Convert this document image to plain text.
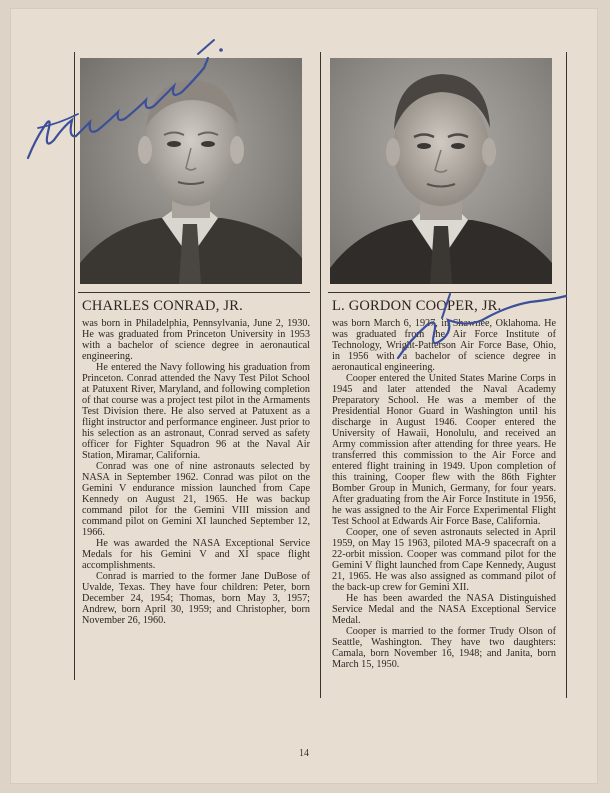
CHARLES CONRAD, JR.

was born in Philadelphia, Pennsylvania, June 2, 1930. He was graduated from Princeton University in 1953 with a bachelor of science degree in aeronautical engineering.

He entered the Navy following his graduation from Princeton. Conrad attended the Navy Test Pilot School at Patuxent River, Maryland, and following completion of that course was a project test pilot in the Armaments Test Division there. He also served at Patuxent as a flight instructor and performance engineer. Just prior to his selection as an astronaut, Conrad served as safety officer for Fighter Squadron 96 at the Naval Air Station, Miramar, California.

Conrad was one of nine astronauts selected by NASA in September 1962. Conrad was pilot on the Gemini V endurance mission launched from Cape Kennedy on August 21, 1965. He was backup command pilot for the Gemini VIII mission and command pilot on Gemini XI launched September 12, 1966.

He was awarded the NASA Exceptional Service Medals for his Gemini V and XI space flight accomplishments.

Conrad is married to the former Jane DuBose of Uvalde, Texas. They have four children: Peter, born December 24, 1954; Thomas, born May 3, 1957; Andrew, born April 30, 1959; and Christopher, born November 26, 1960.

L. GORDON COOPER, JR.

was born March 6, 1927, in Shawnee, Oklahoma. He was graduated from the Air Force Institute of Technology, Wright-Patterson Air Force Base, Ohio, in 1956 with a bachelor of science degree in aeronautical engineering.

Cooper entered the United States Marine Corps in 1945 and later attended the Naval Academy Preparatory School. He was a member of the Presidential Honor Guard in Washington until his discharge in August 1946. Cooper entered the University of Hawaii, Honolulu, and received an Army commission after attending for three years. He transferred this commission to the Air Force and entered flight training in 1949. Upon completion of this training, Cooper flew with the 86th Fighter Bomber Group in Munich, Germany, for four years. After graduating from the Air Force Institute in 1956, he was assigned to the Air Force Experimental Flight Test School at Edwards Air Force Base, California.

Cooper, one of seven astronauts selected in April 1959, on May 15 1963, piloted MA-9 spacecraft on a 22-orbit mission. Cooper was command pilot for the Gemini V flight launched from Cape Kennedy, August 21, 1965. He was also assigned as command pilot of the back-up crew for Gemini XII.

He has been awarded the NASA Distinguished Service Medal and the NASA Exceptional Service Medal.

Cooper is married to the former Trudy Olson of Seattle, Washington. They have two daughters: Camala, born November 16, 1948; and Janita, born March 15, 1950.

14
